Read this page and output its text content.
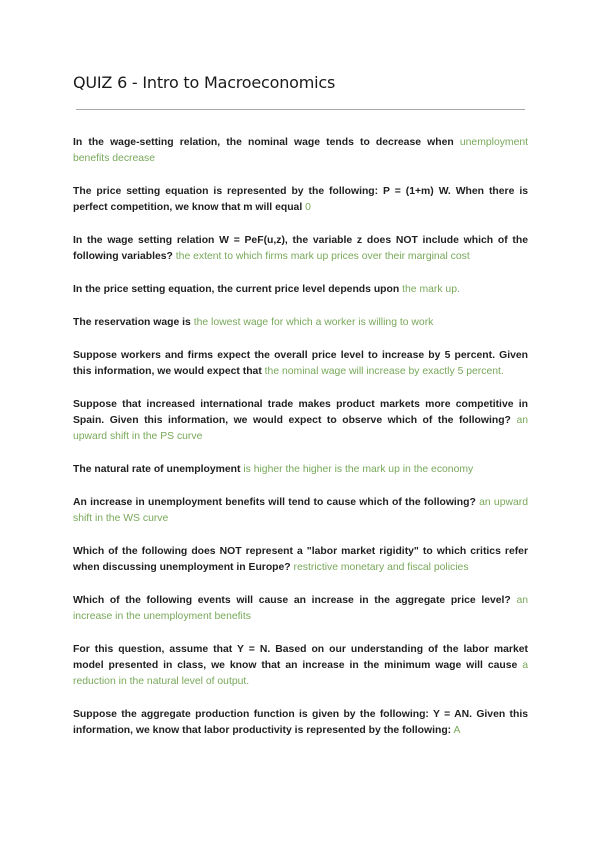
QUIZ 6 - Intro to Macroeconomics

In the wage-setting relation, the nominal wage tends to decrease when unemployment benefits decrease

The price setting equation is represented by the following: P = (1+m) W. When there is perfect competition, we know that m will equal 0

In the wage setting relation W = PeF(u,z), the variable z does NOT include which of the following variables? the extent to which firms mark up prices over their marginal cost

In the price setting equation, the current price level depends upon the mark up.

The reservation wage is the lowest wage for which a worker is willing to work

Suppose workers and firms expect the overall price level to increase by 5 percent. Given this information, we would expect that the nominal wage will increase by exactly 5 percent.

Suppose that increased international trade makes product markets more competitive in Spain. Given this information, we would expect to observe which of the following? an upward shift in the PS curve

The natural rate of unemployment is higher the higher is the mark up in the economy

An increase in unemployment benefits will tend to cause which of the following? an upward shift in the WS curve

Which of the following does NOT represent a "labor market rigidity" to which critics refer when discussing unemployment in Europe? restrictive monetary and fiscal policies

Which of the following events will cause an increase in the aggregate price level? an increase in the unemployment benefits

For this question, assume that Y = N. Based on our understanding of the labor market model presented in class, we know that an increase in the minimum wage will cause a reduction in the natural level of output.

Suppose the aggregate production function is given by the following: Y = AN. Given this information, we know that labor productivity is represented by the following: A
